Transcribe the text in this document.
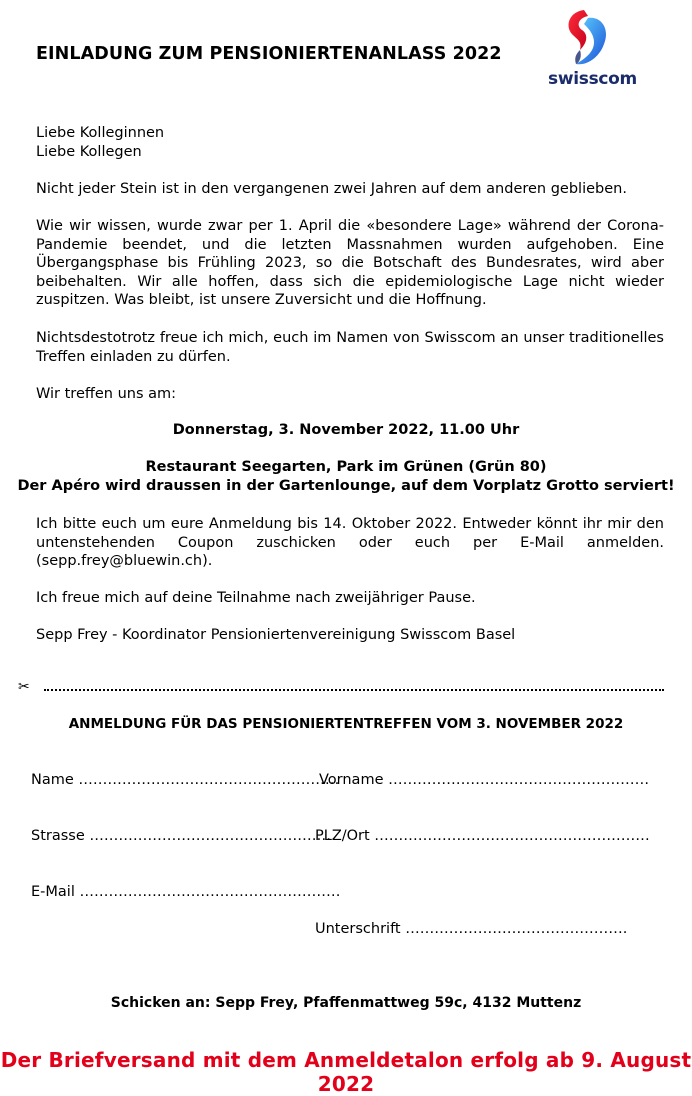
EINLADUNG ZUM PENSIONIERTENANLASS 2022
swisscom
Liebe Kolleginnen
Liebe Kollegen
Nicht jeder Stein ist in den vergangenen zwei Jahren auf dem anderen geblieben.
Wie wir wissen, wurde zwar per 1. April die «besondere Lage» während der Corona-Pandemie beendet, und die letzten Massnahmen wurden aufgehoben. Eine Übergangsphase bis Frühling 2023, so die Botschaft des Bundesrates, wird aber beibehalten. Wir alle hoffen, dass sich die epidemiologische Lage nicht wieder zuspitzen. Was bleibt, ist unsere Zuversicht und die Hoffnung.
Nichtsdestotrotz freue ich mich, euch im Namen von Swisscom an unser traditionelles Treffen einladen zu dürfen.
Wir treffen uns am:
Donnerstag, 3. November 2022, 11.00 Uhr
Restaurant Seegarten, Park im Grünen (Grün 80)
Der Apéro wird draussen in der Gartenlounge, auf dem Vorplatz Grotto serviert!
Ich bitte euch um eure Anmeldung bis 14. Oktober 2022. Entweder könnt ihr mir den untenstehenden Coupon zuschicken oder euch per E-Mail anmelden. (sepp.frey@bluewin.ch).
Ich freue mich auf deine Teilnahme nach zweijähriger Pause.
Sepp Frey - Koordinator Pensioniertenvereinigung Swisscom Basel
✂
ANMELDUNG FÜR DAS PENSIONIERTENTREFFEN VOM 3. NOVEMBER 2022
Name ………………………………………………
Vorname ………………………………………………
Strasse ……………………………………………
PLZ/Ort …………………………………………………
E-Mail ………………………………………………
Unterschrift ……………………………………….
Schicken an: Sepp Frey, Pfaffenmattweg 59c, 4132 Muttenz
Der Briefversand mit dem Anmeldetalon erfolg ab 9. August 2022
